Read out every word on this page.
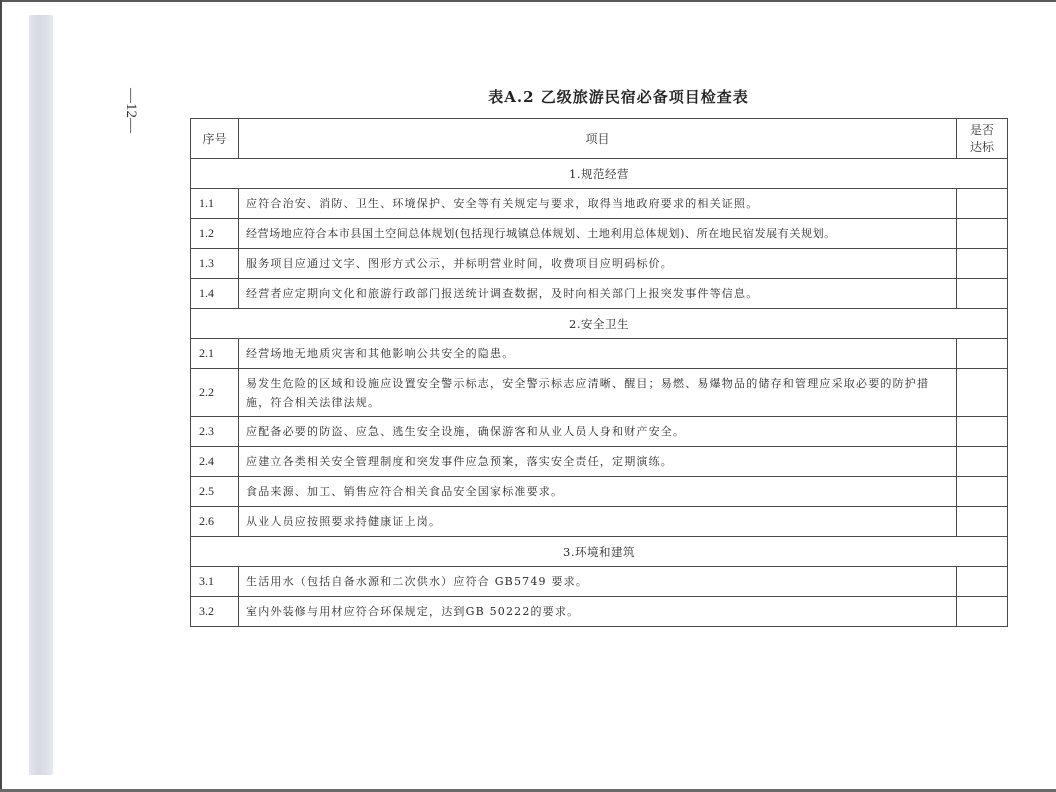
—12—	表A.2 乙级旅游民宿必备项目检查表
序号	项目	是否
达标
1.规范经营		
1.1	应符合治安、消防、卫生、环境保护、安全等有关规定与要求，取得当地政府要求的相关证照。	
1.2	经营场地应符合本市县国土空间总体规划(包括现行城镇总体规划、土地利用总体规划)、所在地民宿发展有关规划。	
1.3	服务项目应通过文字、图形方式公示，并标明营业时间，收费项目应明码标价。	
1.4	经营者应定期向文化和旅游行政部门报送统计调查数据，及时向相关部门上报突发事件等信息。	
2.安全卫生		
2.1	经营场地无地质灾害和其他影响公共安全的隐患。	
2.2	易发生危险的区域和设施应设置安全警示标志，安全警示标志应清晰、醒目；易燃、易爆物品的储存和管理应采取必要的防护措施，符合相关法律法规。	
2.3	应配备必要的防盗、应急、逃生安全设施，确保游客和从业人员人身和财产安全。	
2.4	应建立各类相关安全管理制度和突发事件应急预案，落实安全责任，定期演练。	
2.5	食品来源、加工、销售应符合相关食品安全国家标准要求。	
2.6	从业人员应按照要求持健康证上岗。	
3.环境和建筑		
3.1	生活用水（包括自备水源和二次供水）应符合 GB5749 要求。	
3.2	室内外装修与用材应符合环保规定，达到GB 50222的要求。	
